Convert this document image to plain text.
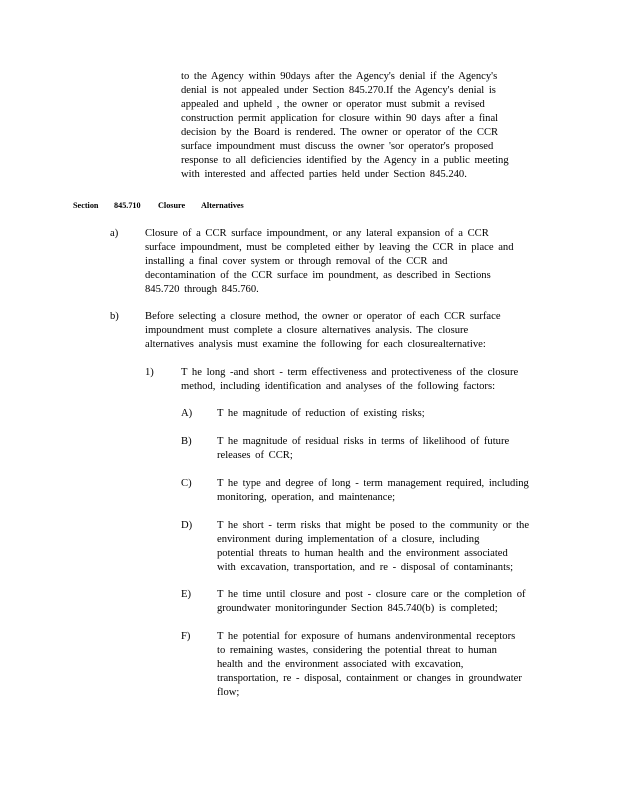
to the Agency within 90days after the Agency's denial if the Agency's

denial is not appealed under Section 845.270.If the Agency's denial is

appealed and upheld , the owner or operator must submit a revised

construction permit application for closure within 90 days after a final

decision by the Board is rendered. The owner or operator of the CCR

surface impoundment must discuss the owner 'sor operator's proposed

response to all deficiencies identified by the Agency in a public meeting

with interested and affected parties held under Section 845.240.

Section 845.710 Closure Alternatives
a)	Closure of a CCR surface impoundment, or any lateral expansion of a CCR

surface impoundment, must be completed either by leaving the CCR in place and

installing a final cover system or through removal of the CCR and

decontamination of the CCR surface im poundment, as described in Sections

845.720 through 845.760.

b) Before selecting a closure method, the owner or operator of each CCR surface

impoundment must complete a closure alternatives analysis. The closure

alternatives analysis must examine the following for each closurealternative:

1)	T he long -and short - term effectiveness and protectiveness of the closure

method, including identification and analyses of the following factors:

A) T he magnitude of reduction of existing risks;

B) T he magnitude of residual risks in terms of likelihood of future

releases of CCR;

C) T he type and degree of long - term management required, including

monitoring, operation, and maintenance;

D) T he short - term risks that might be posed to the community or the

environment during implementation of a closure, including

potential threats to human health and the environment associated

with excavation, transportation, and re - disposal of contaminants;

E) T he time until closure and post - closure care or the completion of

groundwater monitoringunder Section 845.740(b) is completed;

F)	T he potential for exposure of humans andenvironmental receptors

to remaining wastes, considering the potential threat to human

health and the environment associated with excavation,

transportation, re - disposal, containment or changes in groundwater

flow;
